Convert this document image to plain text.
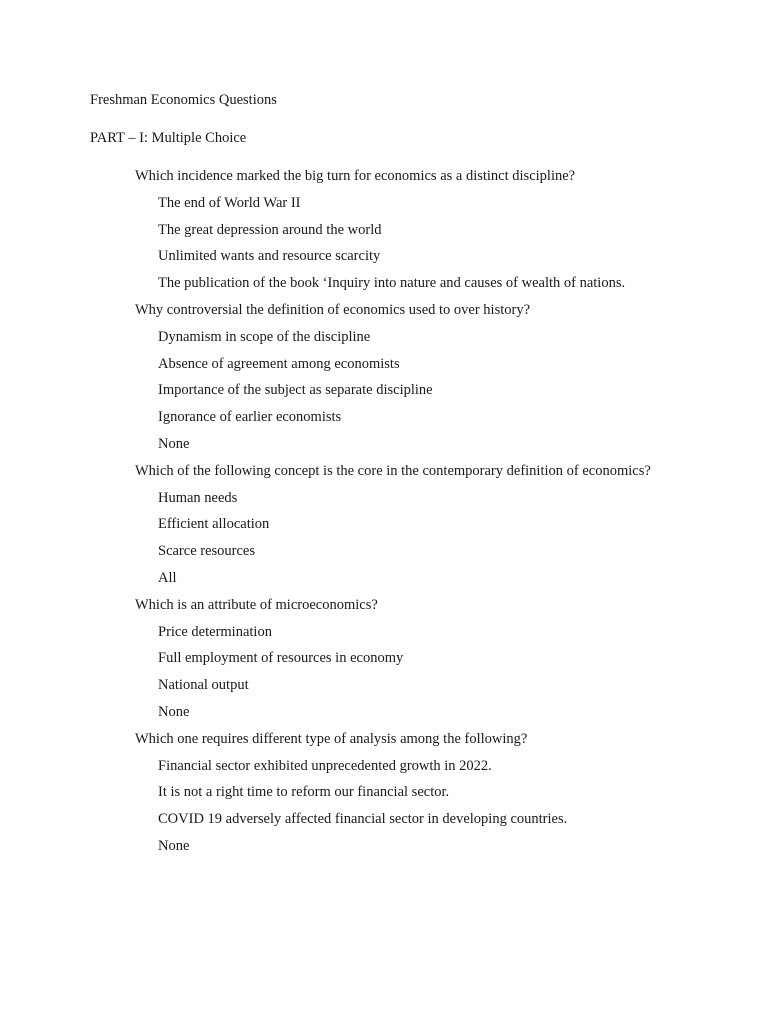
Freshman Economics Questions
PART – I: Multiple Choice
Which incidence marked the big turn for economics as a distinct discipline?
The end of World War II
The great depression around the world
Unlimited wants and resource scarcity
The publication of the book ‘Inquiry into nature and causes of wealth of nations.
Why controversial the definition of economics used to over history?
Dynamism in scope of the discipline
Absence of agreement among economists
Importance of the subject as separate discipline
Ignorance of earlier economists
None
Which of the following concept is the core in the contemporary definition of economics?
Human needs
Efficient allocation
Scarce resources
All
Which is an attribute of microeconomics?
Price determination
Full employment of resources in economy
National output
None
Which one requires different type of analysis among the following?
Financial sector exhibited unprecedented growth in 2022.
It is not a right time to reform our financial sector.
COVID 19 adversely affected financial sector in developing countries.
None
